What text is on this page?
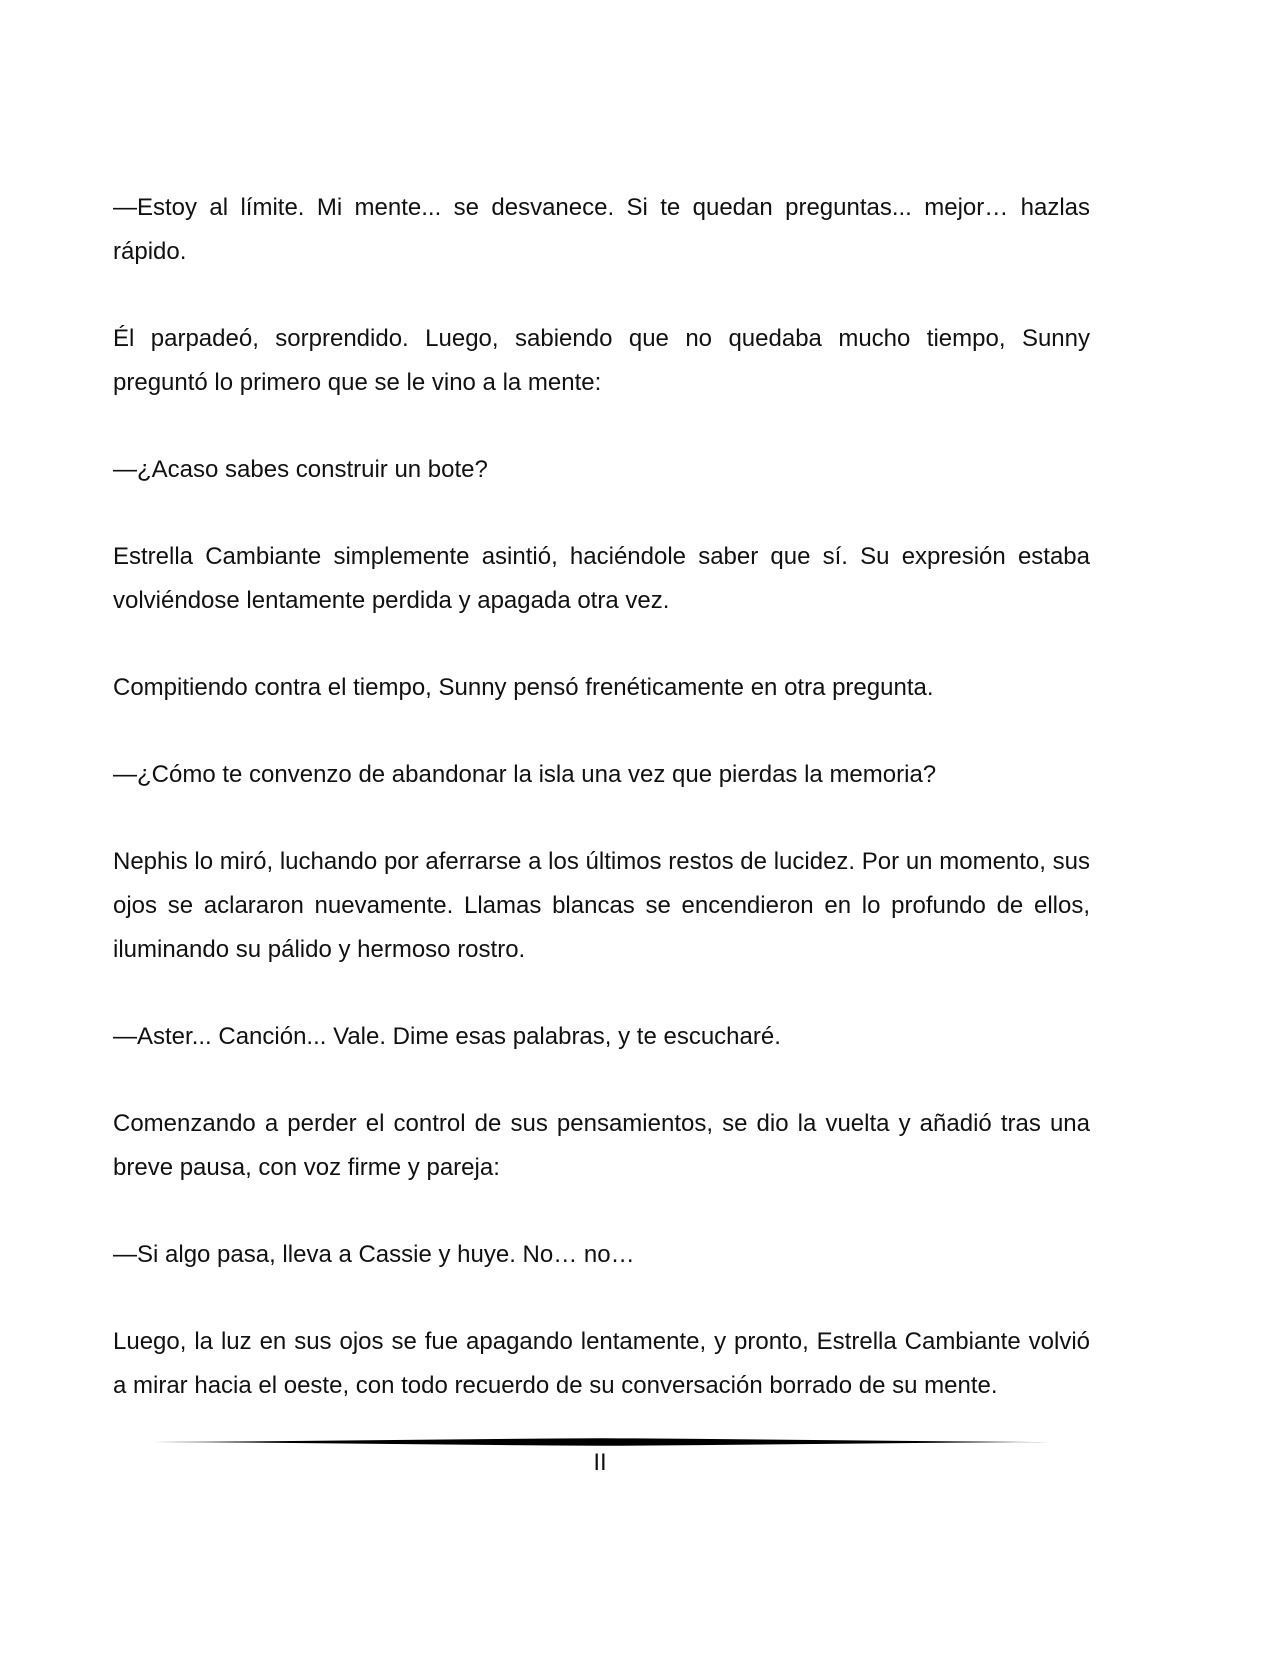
—Estoy al límite. Mi mente... se desvanece. Si te quedan preguntas... mejor… hazlas rápido.

Él parpadeó, sorprendido. Luego, sabiendo que no quedaba mucho tiempo, Sunny preguntó lo primero que se le vino a la mente:

—¿Acaso sabes construir un bote?

Estrella Cambiante simplemente asintió, haciéndole saber que sí. Su expresión estaba volviéndose lentamente perdida y apagada otra vez.

Compitiendo contra el tiempo, Sunny pensó frenéticamente en otra pregunta.

—¿Cómo te convenzo de abandonar la isla una vez que pierdas la memoria?

Nephis lo miró, luchando por aferrarse a los últimos restos de lucidez. Por un momento, sus ojos se aclararon nuevamente. Llamas blancas se encendieron en lo profundo de ellos, iluminando su pálido y hermoso rostro.

—Aster... Canción... Vale. Dime esas palabras, y te escucharé.

Comenzando a perder el control de sus pensamientos, se dio la vuelta y añadió tras una breve pausa, con voz firme y pareja:

—Si algo pasa, lleva a Cassie y huye. No… no…

Luego, la luz en sus ojos se fue apagando lentamente, y pronto, Estrella Cambiante volvió a mirar hacia el oeste, con todo recuerdo de su conversación borrado de su mente.

II
